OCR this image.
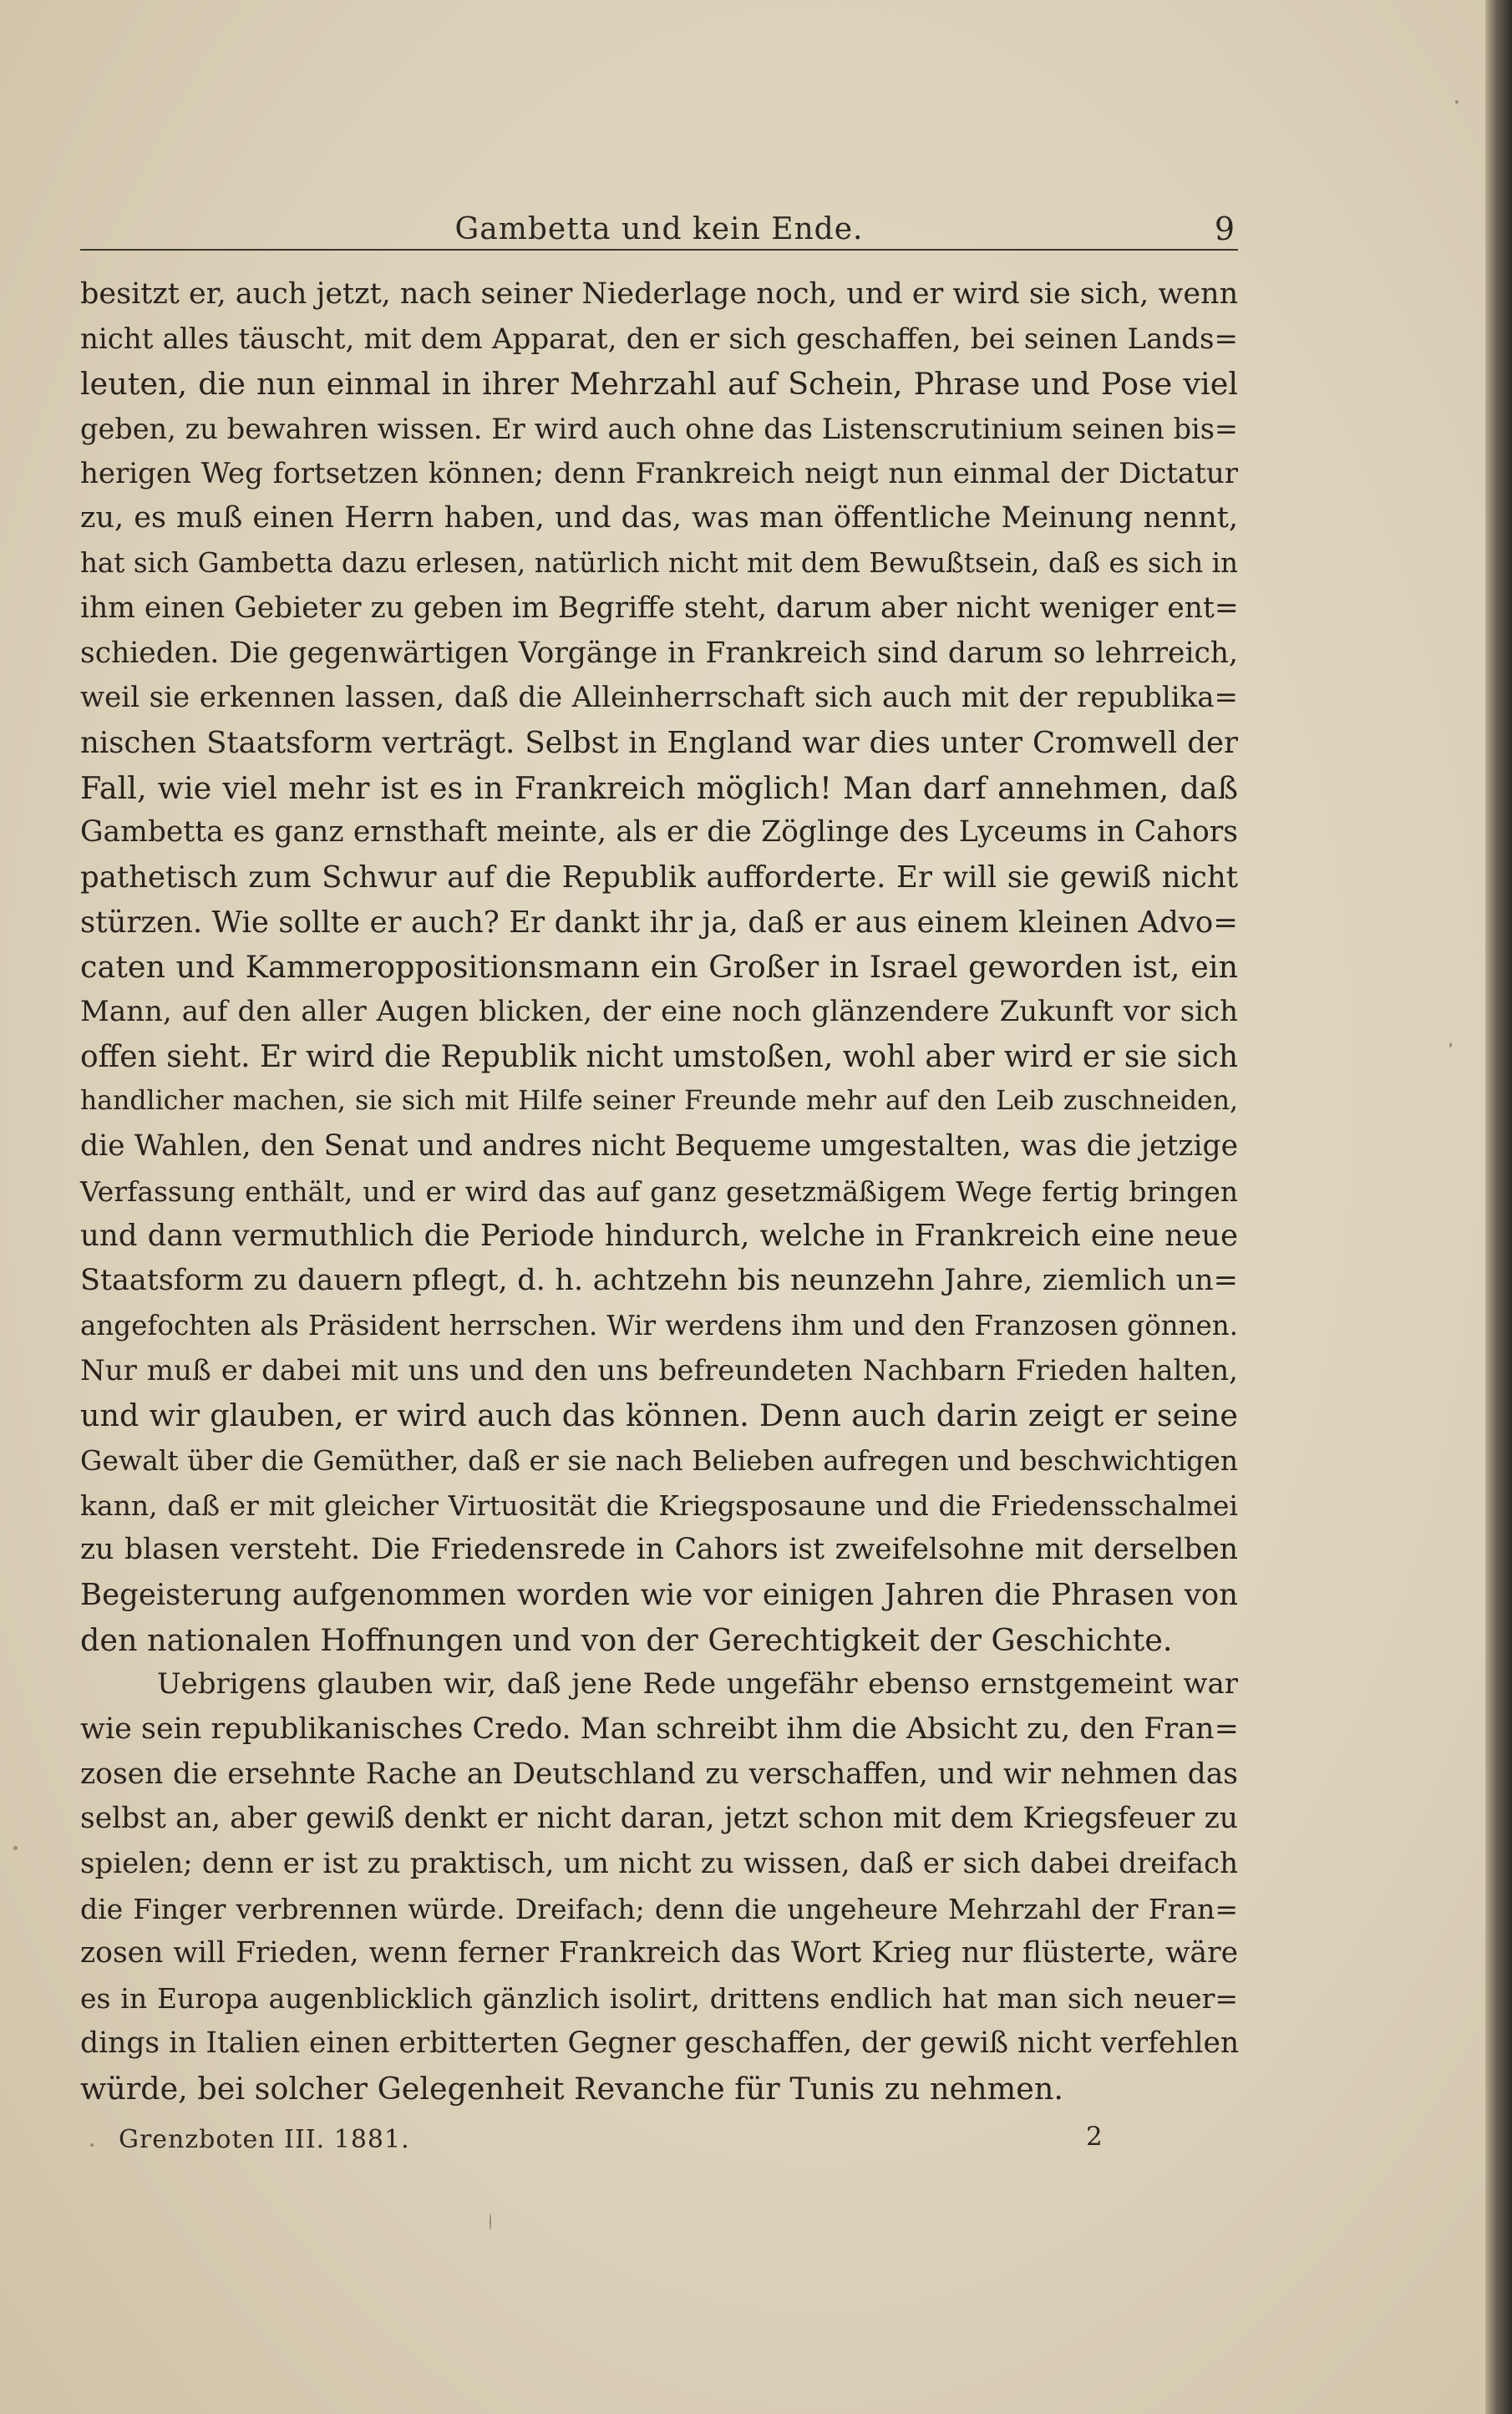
Gambetta und kein Ende.	9
besitzt er, auch jetzt, nach seiner Niederlage noch, und er wird sie sich, wenn
nicht alles täuscht, mit dem Apparat, den er sich geschaffen, bei seinen Lands=
leuten, die nun einmal in ihrer Mehrzahl auf Schein, Phrase und Pose viel
geben, zu bewahren wissen. Er wird auch ohne das Listenscrutinium seinen bis=
herigen Weg fortsetzen können; denn Frankreich neigt nun einmal der Dictatur
zu, es muß einen Herrn haben, und das, was man öffentliche Meinung nennt,
hat sich Gambetta dazu erlesen, natürlich nicht mit dem Bewußtsein, daß es sich in
ihm einen Gebieter zu geben im Begriffe steht, darum aber nicht weniger ent=
schieden. Die gegenwärtigen Vorgänge in Frankreich sind darum so lehrreich,
weil sie erkennen lassen, daß die Alleinherrschaft sich auch mit der republika=
nischen Staatsform verträgt. Selbst in England war dies unter Cromwell der
Fall, wie viel mehr ist es in Frankreich möglich! Man darf annehmen, daß
Gambetta es ganz ernsthaft meinte, als er die Zöglinge des Lyceums in Cahors
pathetisch zum Schwur auf die Republik aufforderte. Er will sie gewiß nicht
stürzen. Wie sollte er auch? Er dankt ihr ja, daß er aus einem kleinen Advo=
caten und Kammeroppositionsmann ein Großer in Israel geworden ist, ein
Mann, auf den aller Augen blicken, der eine noch glänzendere Zukunft vor sich
offen sieht. Er wird die Republik nicht umstoßen, wohl aber wird er sie sich
handlicher machen, sie sich mit Hilfe seiner Freunde mehr auf den Leib zuschneiden,
die Wahlen, den Senat und andres nicht Bequeme umgestalten, was die jetzige
Verfassung enthält, und er wird das auf ganz gesetzmäßigem Wege fertig bringen
und dann vermuthlich die Periode hindurch, welche in Frankreich eine neue
Staatsform zu dauern pflegt, d. h. achtzehn bis neunzehn Jahre, ziemlich un=
angefochten als Präsident herrschen. Wir werdens ihm und den Franzosen gönnen.
Nur muß er dabei mit uns und den uns befreundeten Nachbarn Frieden halten,
und wir glauben, er wird auch das können. Denn auch darin zeigt er seine
Gewalt über die Gemüther, daß er sie nach Belieben aufregen und beschwichtigen
kann, daß er mit gleicher Virtuosität die Kriegsposaune und die Friedensschalmei
zu blasen versteht. Die Friedensrede in Cahors ist zweifelsohne mit derselben
Begeisterung aufgenommen worden wie vor einigen Jahren die Phrasen von
den nationalen Hoffnungen und von der Gerechtigkeit der Geschichte.
Uebrigens glauben wir, daß jene Rede ungefähr ebenso ernstgemeint war
wie sein republikanisches Credo. Man schreibt ihm die Absicht zu, den Fran=
zosen die ersehnte Rache an Deutschland zu verschaffen, und wir nehmen das
selbst an, aber gewiß denkt er nicht daran, jetzt schon mit dem Kriegsfeuer zu
spielen; denn er ist zu praktisch, um nicht zu wissen, daß er sich dabei dreifach
die Finger verbrennen würde. Dreifach; denn die ungeheure Mehrzahl der Fran=
zosen will Frieden, wenn ferner Frankreich das Wort Krieg nur flüsterte, wäre
es in Europa augenblicklich gänzlich isolirt, drittens endlich hat man sich neuer=
dings in Italien einen erbitterten Gegner geschaffen, der gewiß nicht verfehlen
würde, bei solcher Gelegenheit Revanche für Tunis zu nehmen.
Grenzboten III. 1881.	2
